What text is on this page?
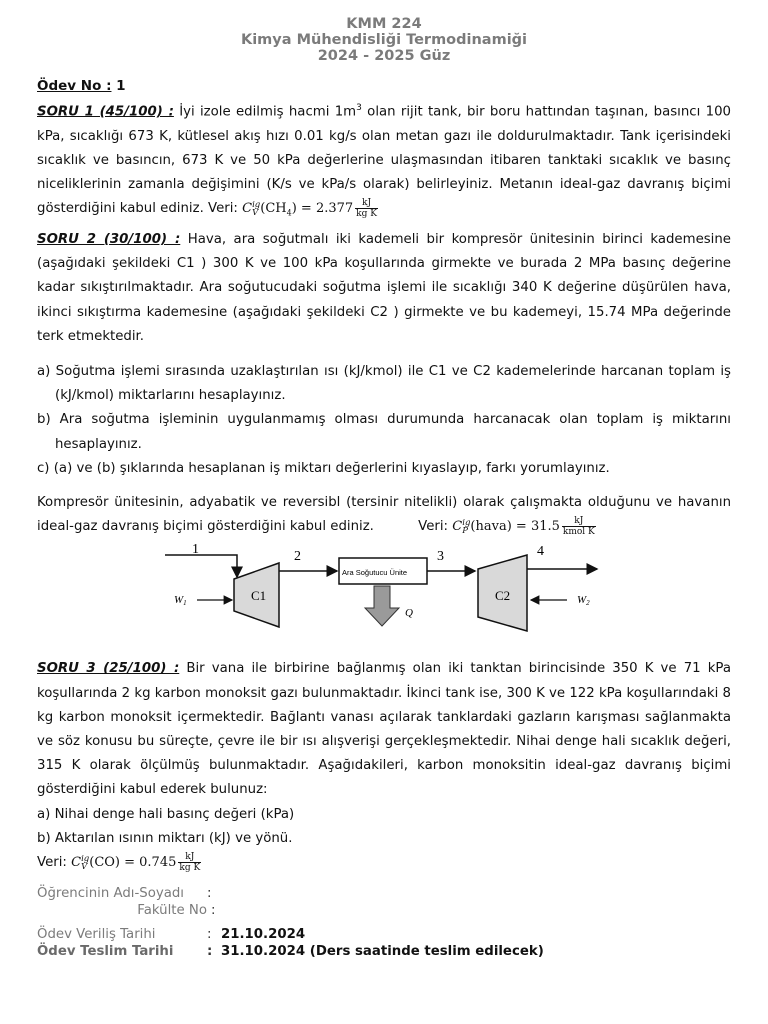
KMM 224
Kimya Mühendisliği Termodinamiği
2024 - 2025 Güz
Ödev No : 1

SORU 1 (45/100) : İyi izole edilmiş hacmi $1m^3$ olan rijit tank, bir boru hattından taşınan, basıncı 100 kPa, sıcaklığı 673 K, kütlesel akış hızı 0.01 kg/s olan metan gazı ile doldurulmaktadır. Tank içerisindeki sıcaklık ve basıncın, 673 K ve 50 kPa değerlerine ulaşmasından itibaren tanktaki sıcaklık ve basınç niceliklerinin zamanla değişimini (K/s ve kPa/s olarak) belirleyiniz. Metanın ideal-gaz davranış biçimi gösterdiğini kabul ediniz. Veri: C ig
V $(CH_4) = 2.377 \frac{kJ}{\text{kg K}}$

SORU 2 (30/100) : Hava, ara soğutmalı iki kademeli bir kompresör ünitesinin birinci kademesine (aşağıdaki şekildeki C1 ) 300 K ve 100 kPa koşullarında girmekte ve burada 2 MPa basınç değerine kadar sıkıştırılmaktadır. Ara soğutucudaki soğutma işlemi ile sıcaklığı 340 K değerine düşürülen hava, ikinci sıkıştırma kademesine (aşağıdaki şekildeki C2 ) girmekte ve bu kademeyi, 15.74 MPa değerinde terk etmektedir.

a) Soğutma işlemi sırasında uzaklaştırılan ısı (kJ/kmol) ile C1 ve C2 kademelerinde harcanan toplam iş (kJ/kmol) miktarlarını hesaplayınız.
b) Ara soğutma işleminin uygulanmamış olması durumunda harcanacak olan toplam iş miktarını hesaplayınız.
c) (a) ve (b) şıklarında hesaplanan iş miktarı değerlerini kıyaslayıp, farkı yorumlayınız.

Kompresör ünitesinin, adyabatik ve reversibl (tersinir nitelikli) olarak çalışmakta olduğunu ve havanın ideal-gaz davranış biçimi gösterdiğini kabul ediniz.	Veri: C ig
P (hava) = $31.5 \frac{kJ}{\text{kmol K}}$

1	2	3	4
Ara Soğutucu Ünite
C1	C2
W1	W2
Q

SORU 3 (25/100) : Bir vana ile birbirine bağlanmış olan iki tanktan birincisinde 350 K ve 71 kPa koşullarında 2 kg karbon monoksit gazı bulunmaktadır. İkinci tank ise, 300 K ve 122 kPa koşullarındaki 8 kg karbon monoksit içermektedir. Bağlantı vanası açılarak tanklardaki gazların karışması sağlanmakta ve söz konusu bu süreçte, çevre ile bir ısı alışverişi gerçekleşmektedir. Nihai denge hali sıcaklık değeri, 315 K olarak ölçülmüş bulunmaktadır. Aşağıdakileri, karbon monoksitin ideal-gaz davranış biçimi gösterdiğini kabul ederek bulunuz:

a) Nihai denge hali basınç değeri (kPa)
b) Aktarılan ısının miktarı (kJ) ve yönü.

Veri: C ig
V $(CO) = 0.745 \frac{kJ}{\text{kg K}}$

Öğrencinin Adı-Soyadı	:
Fakülte No :
Ödev Veriliş Tarihi	: 21.10.2024
Ödev Teslim Tarihi	: 31.10.2024 (Ders saatinde teslim edilecek)
